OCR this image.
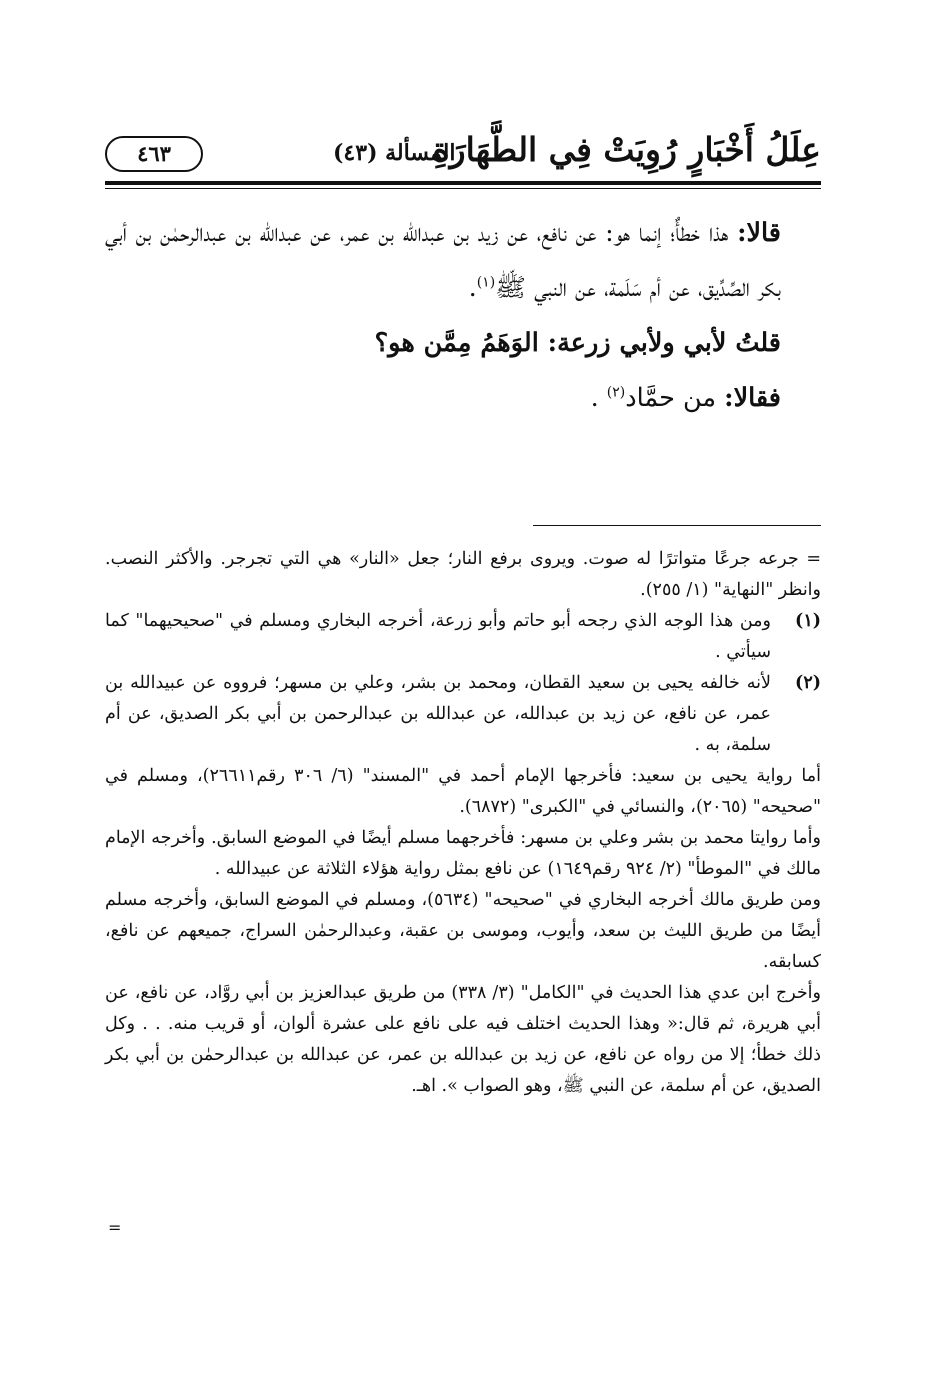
عِلَلُ أَخْبَارٍ رُوِيَتْ فِي الطَّهَارَةِ
المسألة (٤٣)
٤٦٣

قالا: هذا خطأٌ؛ إنما هو: عن نافع، عن زيد بن عبدالله بن عمر، عن عبدالله بن عبدالرحمٰن بن أبي بكر الصِّدِّيق، عن أم سَلَمة، عن النبي ﷺ$^{(١)}$.

قلتُ لأبي ولأبي زرعة: الوَهَمُ مِمَّن هو؟

فقالا: من حمَّاد$^{(٢)}$ .

= جرعه جرعًا متواترًا له صوت. ويروى برفع النار؛ جعل «النار» هي التي تجرجر. والأكثر النصب. وانظر "النهاية" (١/ ٢٥٥).

(١)

ومن هذا الوجه الذي رجحه أبو حاتم وأبو زرعة، أخرجه البخاري ومسلم في "صحيحيهما" كما سيأتي .

(٢)

لأنه خالفه يحيى بن سعيد القطان، ومحمد بن بشر، وعلي بن مسهر؛ فرووه عن عبيدالله بن عمر، عن نافع، عن زيد بن عبدالله، عن عبدالله بن عبدالرحمن بن أبي بكر الصديق، عن أم سلمة، به .

أما رواية يحيى بن سعيد: فأخرجها الإمام أحمد في "المسند" (٦/ ٣٠٦ رقم٢٦٦١١)، ومسلم في "صحيحه" (٢٠٦٥)، والنسائي في "الكبرى" (٦٨٧٢).

وأما روايتا محمد بن بشر وعلي بن مسهر: فأخرجهما مسلم أيضًا في الموضع السابق. وأخرجه الإمام مالك في "الموطأ" (٢/ ٩٢٤ رقم١٦٤٩) عن نافع بمثل رواية هؤلاء الثلاثة عن عبيدالله .

ومن طريق مالك أخرجه البخاري في "صحيحه" (٥٦٣٤)، ومسلم في الموضع السابق، وأخرجه مسلم أيضًا من طريق الليث بن سعد، وأيوب، وموسى بن عقبة، وعبدالرحمٰن السراج، جميعهم عن نافع، كسابقه.

وأخرج ابن عدي هذا الحديث في "الكامل" (٣/ ٣٣٨) من طريق عبدالعزيز بن أبي روَّاد، عن نافع، عن أبي هريرة، ثم قال:« وهذا الحديث اختلف فيه على نافع على عشرة ألوان، أو قريب منه. . . وكل ذلك خطأ؛ إلا من رواه عن نافع، عن زيد بن عبدالله بن عمر، عن عبدالله بن عبدالرحمٰن بن أبي بكر الصديق، عن أم سلمة، عن النبي ﷺ، وهو الصواب ». اهـ.

=
